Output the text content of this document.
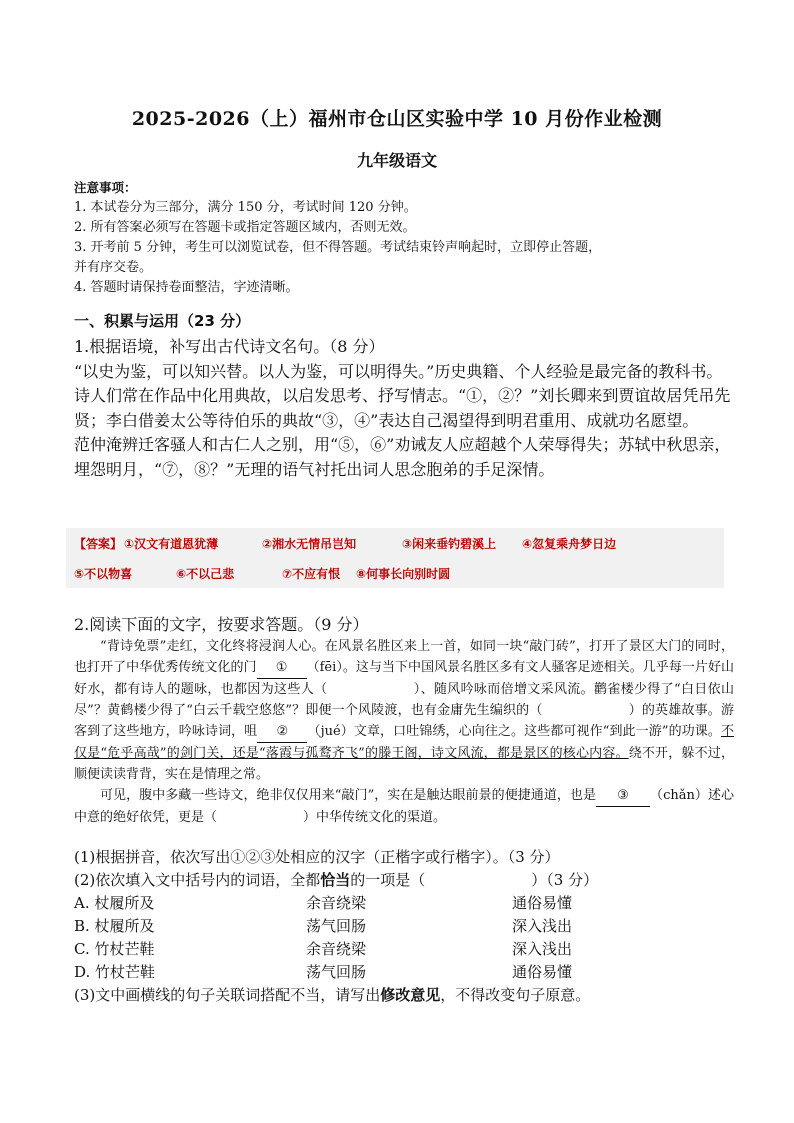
2025-2026（上）福州市仓山区实验中学 10 月份作业检测
九年级语文
注意事项：
1. 本试卷分为三部分，满分 150 分，考试时间 120 分钟。
2. 所有答案必须写在答题卡或指定答题区域内，否则无效。
3. 开考前 5 分钟，考生可以浏览试卷，但不得答题。考试结束铃声响起时，立即停止答题，
并有序交卷。
4. 答题时请保持卷面整洁，字迹清晰。
一、积累与运用（23 分）

1.根据语境，补写出古代诗文名句。（8 分）

“以史为鉴，可以知兴替。以人为鉴，可以明得失。”历史典籍、个人经验是最完备的教科书。诗人们常在作品中化用典故，以启发思考、抒写情志。“①，②？”刘长卿来到贾谊故居凭吊先贤；李白借姜太公等待伯乐的典故“③，④”表达自己渴望得到明君重用、成就功名愿望。

范仲淹辨迁客骚人和古仁人之别，用“⑤，⑥”劝诫友人应超越个人荣辱得失；苏轼中秋思亲，埋怨明月，“⑦，⑧？”无理的语气衬托出词人思念胞弟的手足深情。

【答案】 ①汉文有道恩犹薄	②湘水无情吊岂知	③闲来垂钓碧溪上 ④忽复乘舟梦日边
⑤不以物喜	⑥不以己悲	⑦不应有恨 ⑧何事长向别时圆
2.阅读下面的文字，按要求答题。（9 分）

“背诗免票”走红，文化终将浸润人心。在风景名胜区来上一首，如同一块“敲门砖”，打开了景区大门的同时，也打开了中华优秀传统文化的门 ① （fēi）。这与当下中国风景名胜区多有文人骚客足迹相关。几乎每一片好山好水，都有诗人的题咏，也都因为这些人（	）、随风吟咏而倍增文采风流。鹳雀楼少得了“白日依山尽”？黄鹤楼少得了“白云千载空悠悠”？即便一个风陵渡，也有金庸先生编织的（	）的英雄故事。游客到了这些地方，吟咏诗词，咀 ② （jué）文章，口吐锦绣，心向往之。这些都可视作“到此一游”的功课。不仅是“危乎高哉”的剑门关，还是“落霞与孤鹜齐飞”的滕王阁，诗文风流，都是景区的核心内容。绕不开，躲不过，顺便读读背背，实在是情理之常。

可见，腹中多藏一些诗文，绝非仅仅用来“敲门”，实在是触达眼前景的便捷通道，也是 ③ （chǎn）述心中意的绝好依凭，更是（	）中华传统文化的渠道。

(1)根据拼音，依次写出①②③处相应的汉字（正楷字或行楷字）。（3 分）
(2)依次填入文中括号内的词语，全都恰当的一项是（	）（3 分）
A. 杖履所及	余音绕梁	通俗易懂
B. 杖履所及	荡气回肠	深入浅出
C. 竹杖芒鞋	余音绕梁	深入浅出
D. 竹杖芒鞋	荡气回肠	通俗易懂
(3)文中画横线的句子关联词搭配不当，请写出修改意见，不得改变句子原意。
